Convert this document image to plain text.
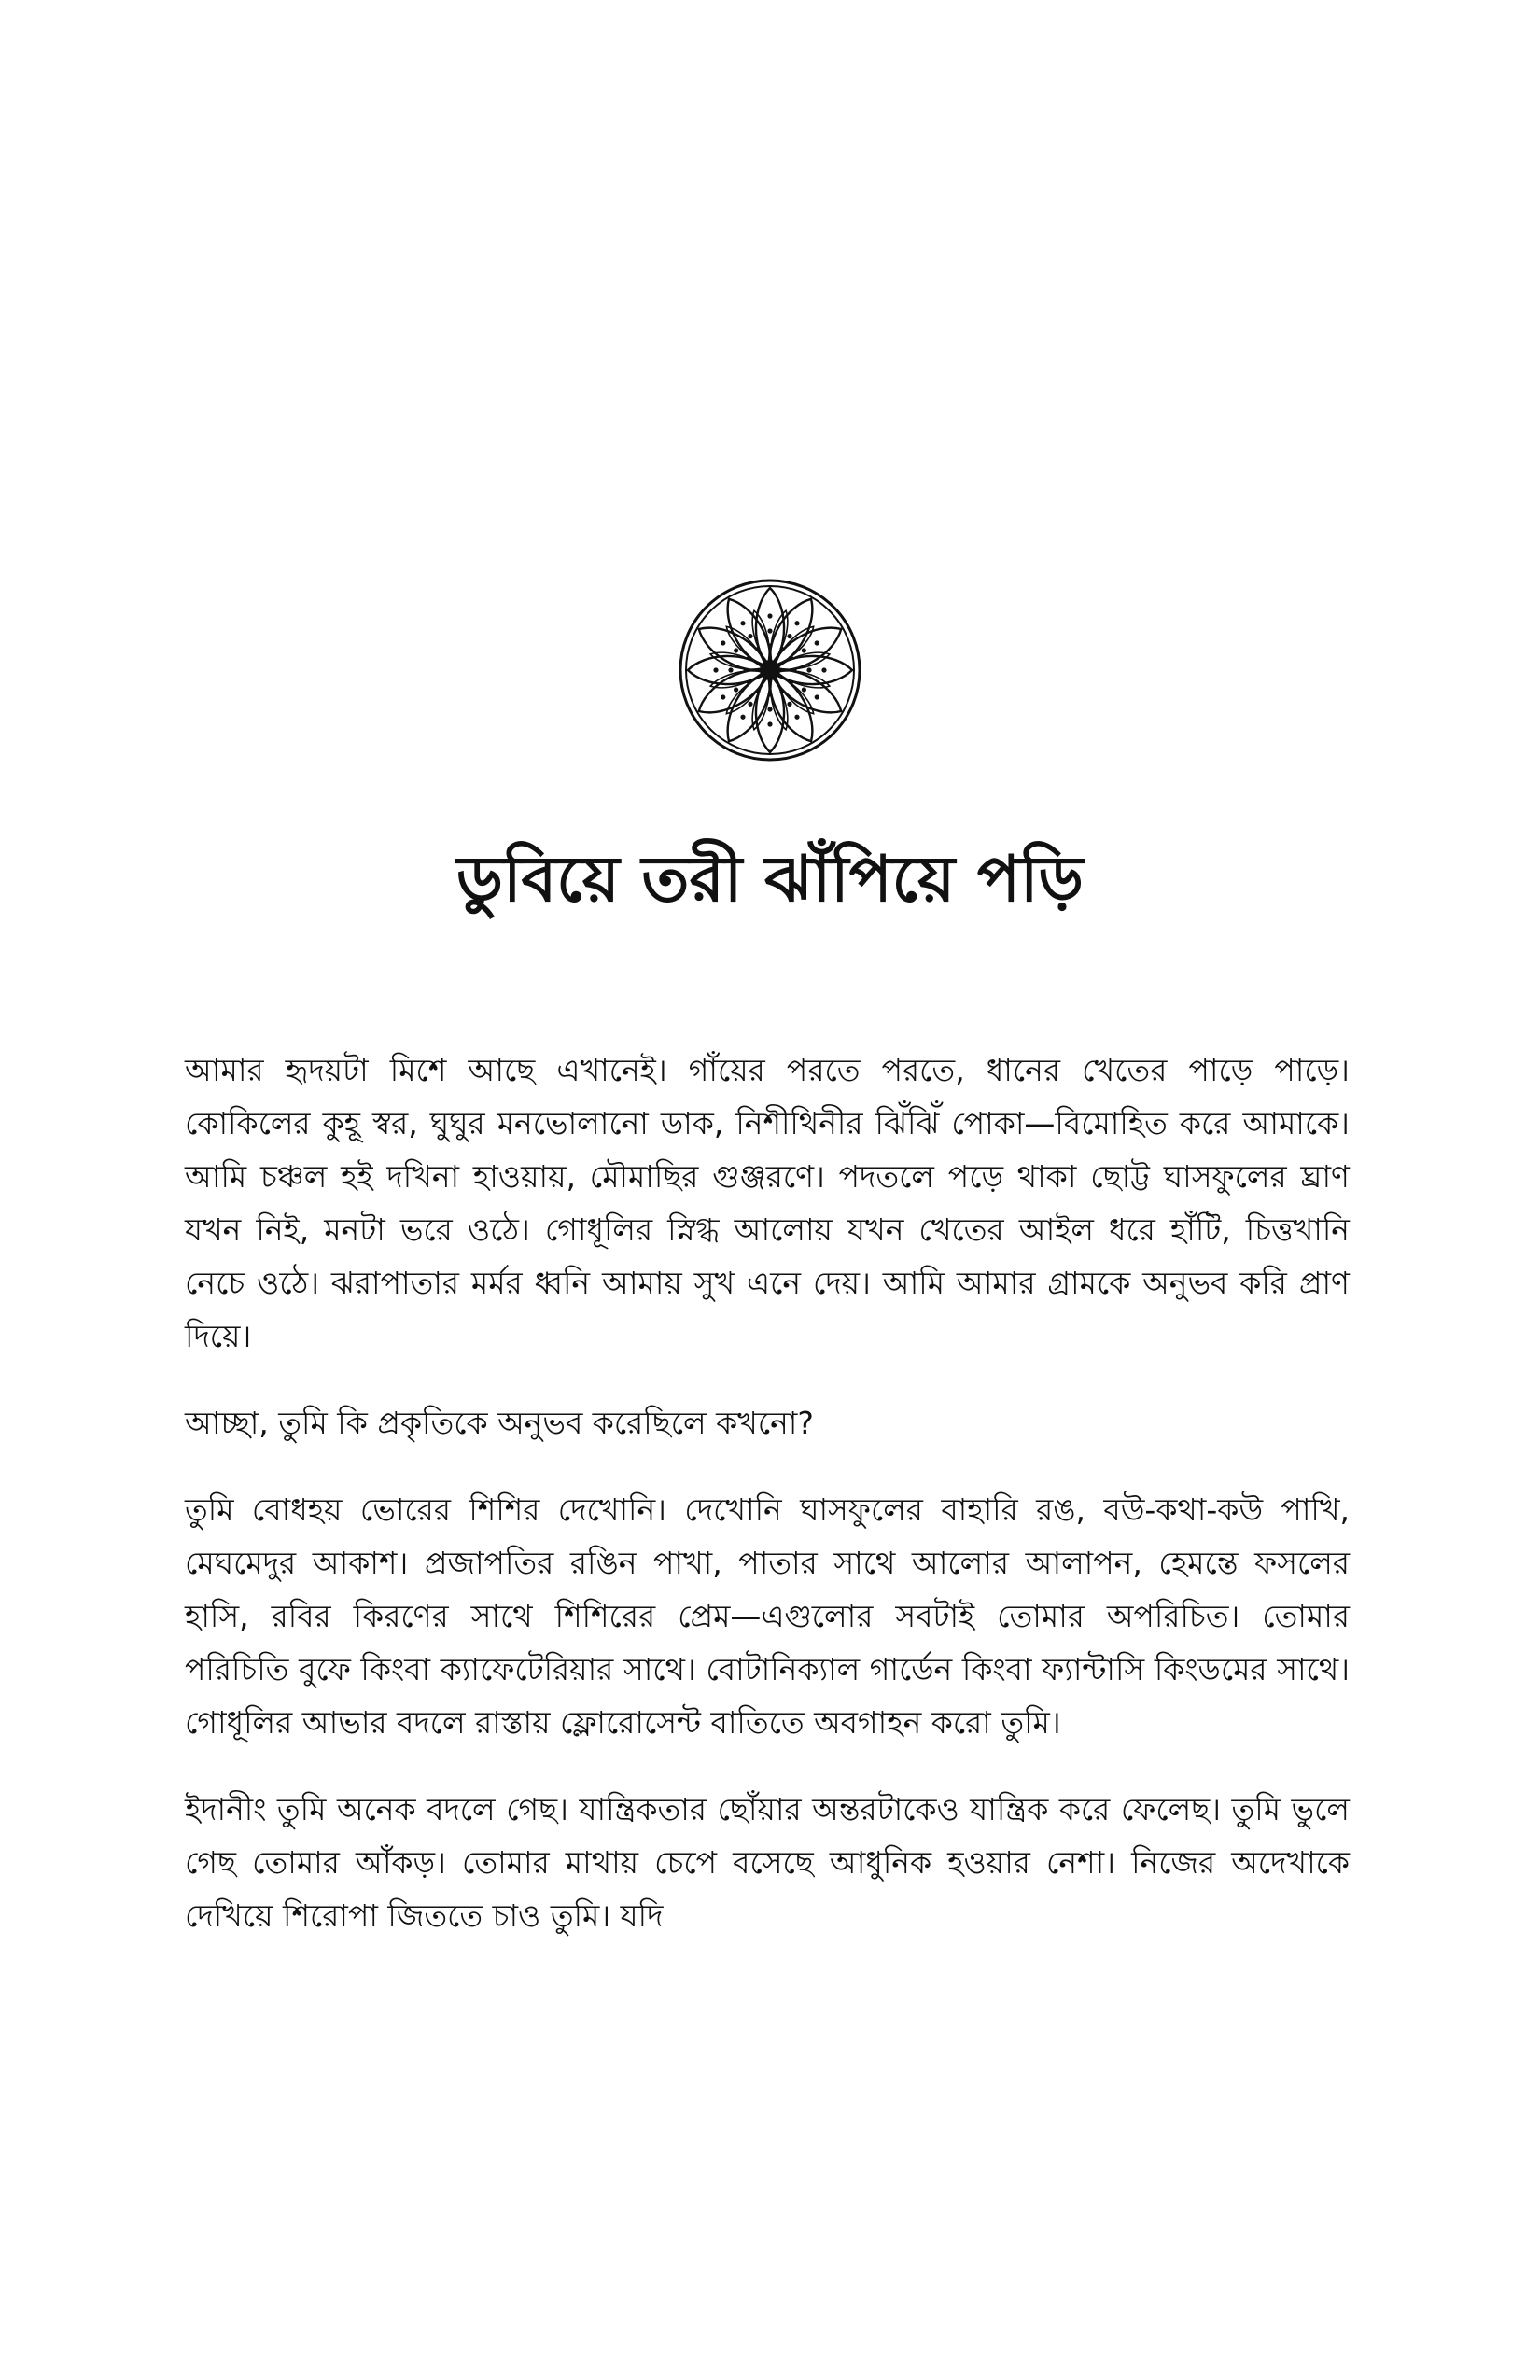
ডুবিয়ে তরী ঝাঁপিয়ে পড়ি

আমার হৃদয়টা মিশে আছে এখানেই। গাঁয়ের পরতে পরতে, ধানের খেতের পাড়ে পাড়ে। কোকিলের কুহূ স্বর, ঘুঘুর মনভোলানো ডাক, নিশীথিনীর ঝিঁঝিঁ পোকা—বিমোহিত করে আমাকে। আমি চঞ্চল হই দখিনা হাওয়ায়, মৌমাছির গুঞ্জরণে। পদতলে পড়ে থাকা ছোট্ট ঘাসফুলের ঘ্রাণ যখন নিই, মনটা ভরে ওঠে। গোধূলির স্নিগ্ধ আলোয় যখন খেতের আইল ধরে হাঁটি, চিত্তখানি নেচে ওঠে। ঝরাপাতার মর্মর ধ্বনি আমায় সুখ এনে দেয়। আমি আমার গ্রামকে অনুভব করি প্রাণ দিয়ে।

আচ্ছা, তুমি কি প্রকৃতিকে অনুভব করেছিলে কখনো?

তুমি বোধহয় ভোরের শিশির দেখোনি। দেখোনি ঘাসফুলের বাহারি রঙ, বউ-কথা-কউ পাখি, মেঘমেদুর আকাশ। প্রজাপতির রঙিন পাখা, পাতার সাথে আলোর আলাপন, হেমন্তে ফসলের হাসি, রবির কিরণের সাথে শিশিরের প্রেম—এগুলোর সবটাই তোমার অপরিচিত। তোমার পরিচিতি বুফে কিংবা ক্যাফেটেরিয়ার সাথে। বোটানিক্যাল গার্ডেন কিংবা ফ্যান্টাসি কিংডমের সাথে। গোধূলির আভার বদলে রাস্তায় ফ্লোরোসেন্ট বাতিতে অবগাহন করো তুমি।

ইদানীং তুমি অনেক বদলে গেছ। যান্ত্রিকতার ছোঁয়ার অন্তরটাকেও যান্ত্রিক করে ফেলেছ। তুমি ভুলে গেছ তোমার আঁকড়। তোমার মাথায় চেপে বসেছে আধুনিক হওয়ার নেশা। নিজের অদেখাকে দেখিয়ে শিরোপা জিততে চাও তুমি। যদি
